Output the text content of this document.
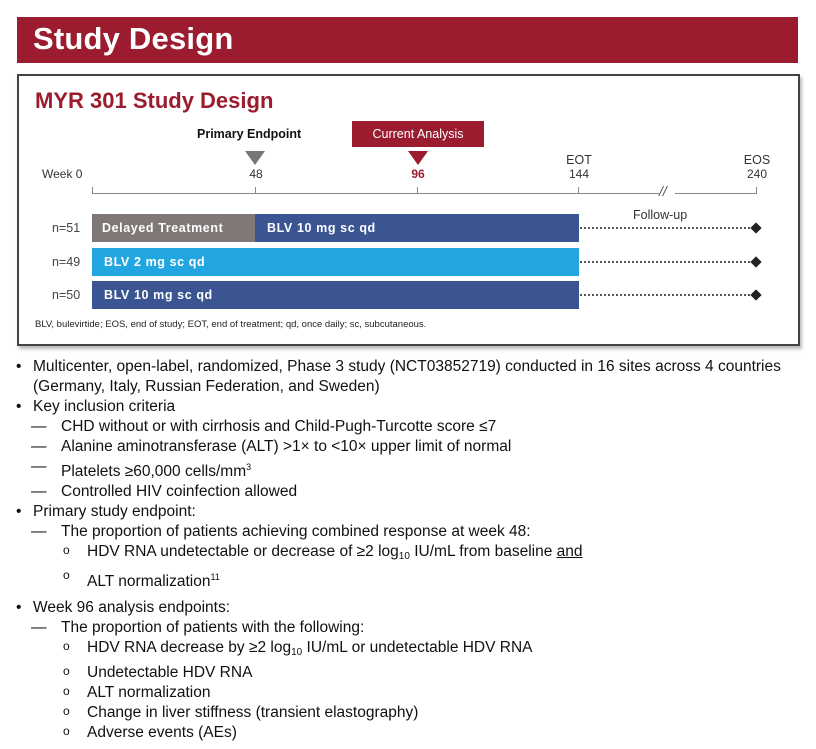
Study Design
MYR 301 Study Design
Primary Endpoint	Current Analysis
Week 0
//
48	96
EOT
144
EOS
240
Follow-up
n=51	Delayed Treatment	BLV 10 mg sc qd
n=49	BLV 2 mg sc qd
n=50	BLV 10 mg sc qd
BLV, bulevirtide; EOS, end of study; EOT, end of treatment; qd, once daily; sc, subcutaneous.
• Multicenter, open-label, randomized, Phase 3 study (NCT03852719) conducted in 16 sites across 4 countries (Germany, Italy, Russian Federation, and Sweden)
• Key inclusion criteria
— CHD without or with cirrhosis and Child-Pugh-Turcotte score ≤7
— Alanine aminotransferase (ALT) >1× to <10× upper limit of normal
— Platelets ≥60,000 cells/$mm^3$
— Controlled HIV coinfection allowed
• Primary study endpoint:
— The proportion of patients achieving combined response at week 48:
o HDV RNA undetectable or decrease of ≥2 $\log_{10} IU/mL$ from baseline and
o ALT normalization$^{11}$
• Week 96 analysis endpoints:
— The proportion of patients with the following:
o HDV RNA decrease by ≥2 $\log_{10} IU/mL$ or undetectable HDV RNA
o Undetectable HDV RNA
o ALT normalization
o Change in liver stiffness (transient elastography)
o Adverse events (AEs)
